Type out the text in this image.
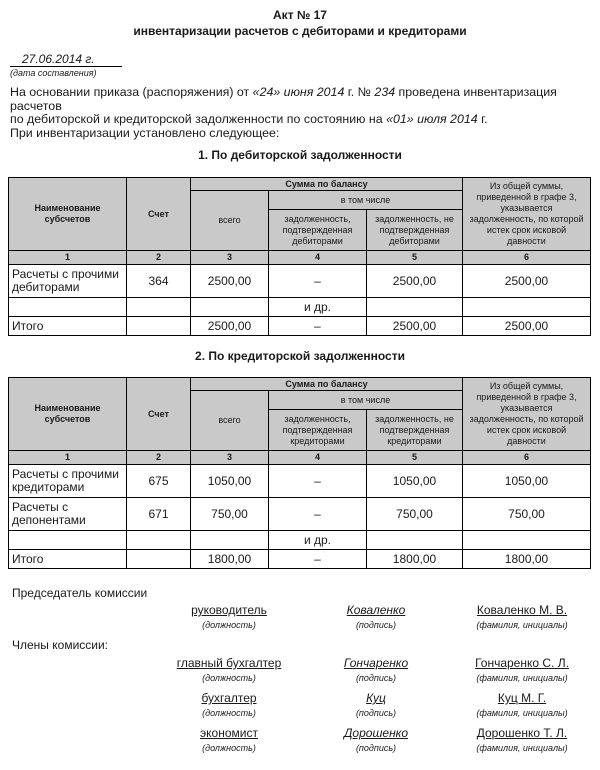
Акт № 17
инвентаризации расчетов с дебиторами и кредиторами
27.06.2014 г.
(дата составления)
На основании приказа (распоряжения) от «24» июня 2014 г. № 234 проведена инвентаризация расчетов
по дебиторской и кредиторской задолженности по состоянию на «01» июля 2014 г.
При инвентаризации установлено следующее:
1. По дебиторской задолженности
Наименование субсчетов	Счет	Сумма по балансу			Из общей суммы, приведенной в графе 3, указывается задолженность, по которой истек срок исковой давности
		всего	в том числе		
			задолженность, подтвержденная дебиторами	задолженность, не подтвержденная дебиторами	
1	2	3	4	5	6
Расчеты с прочими дебиторами	364	2500,00	–	2500,00	2500,00
			и др.		
Итого		2500,00	–	2500,00	2500,00
2. По кредиторской задолженности
Наименование субсчетов	Счет	Сумма по балансу			Из общей суммы, приведенной в графе 3, указывается задолженность, по которой истек срок исковой давности
		всего	в том числе		
			задолженность, подтвержденная кредиторами	задолженность, не подтвержденная кредиторами	
1	2	3	4	5	6
Расчеты с прочими кредиторами	675	1050,00	–	1050,00	1050,00
Расчеты с депонентами	671	750,00	–	750,00	750,00
			и др.		
Итого		1800,00	–	1800,00	1800,00
Председатель комиссии
руководитель	Коваленко	Коваленко М. В.
(должность)	(подпись)	(фамилия, инициалы)
Члены комиссии:
главный бухгалтер	Гончаренко	Гончаренко С. Л.
(должность)	(подпись)	(фамилия, инициалы)
бухгалтер	Куц	Куц М. Г.
(должность)	(подпись)	(фамилия, инициалы)
экономист	Дорошенко	Дорошенко Т. Л.
(должность)	(подпись)	(фамилия, инициалы)
